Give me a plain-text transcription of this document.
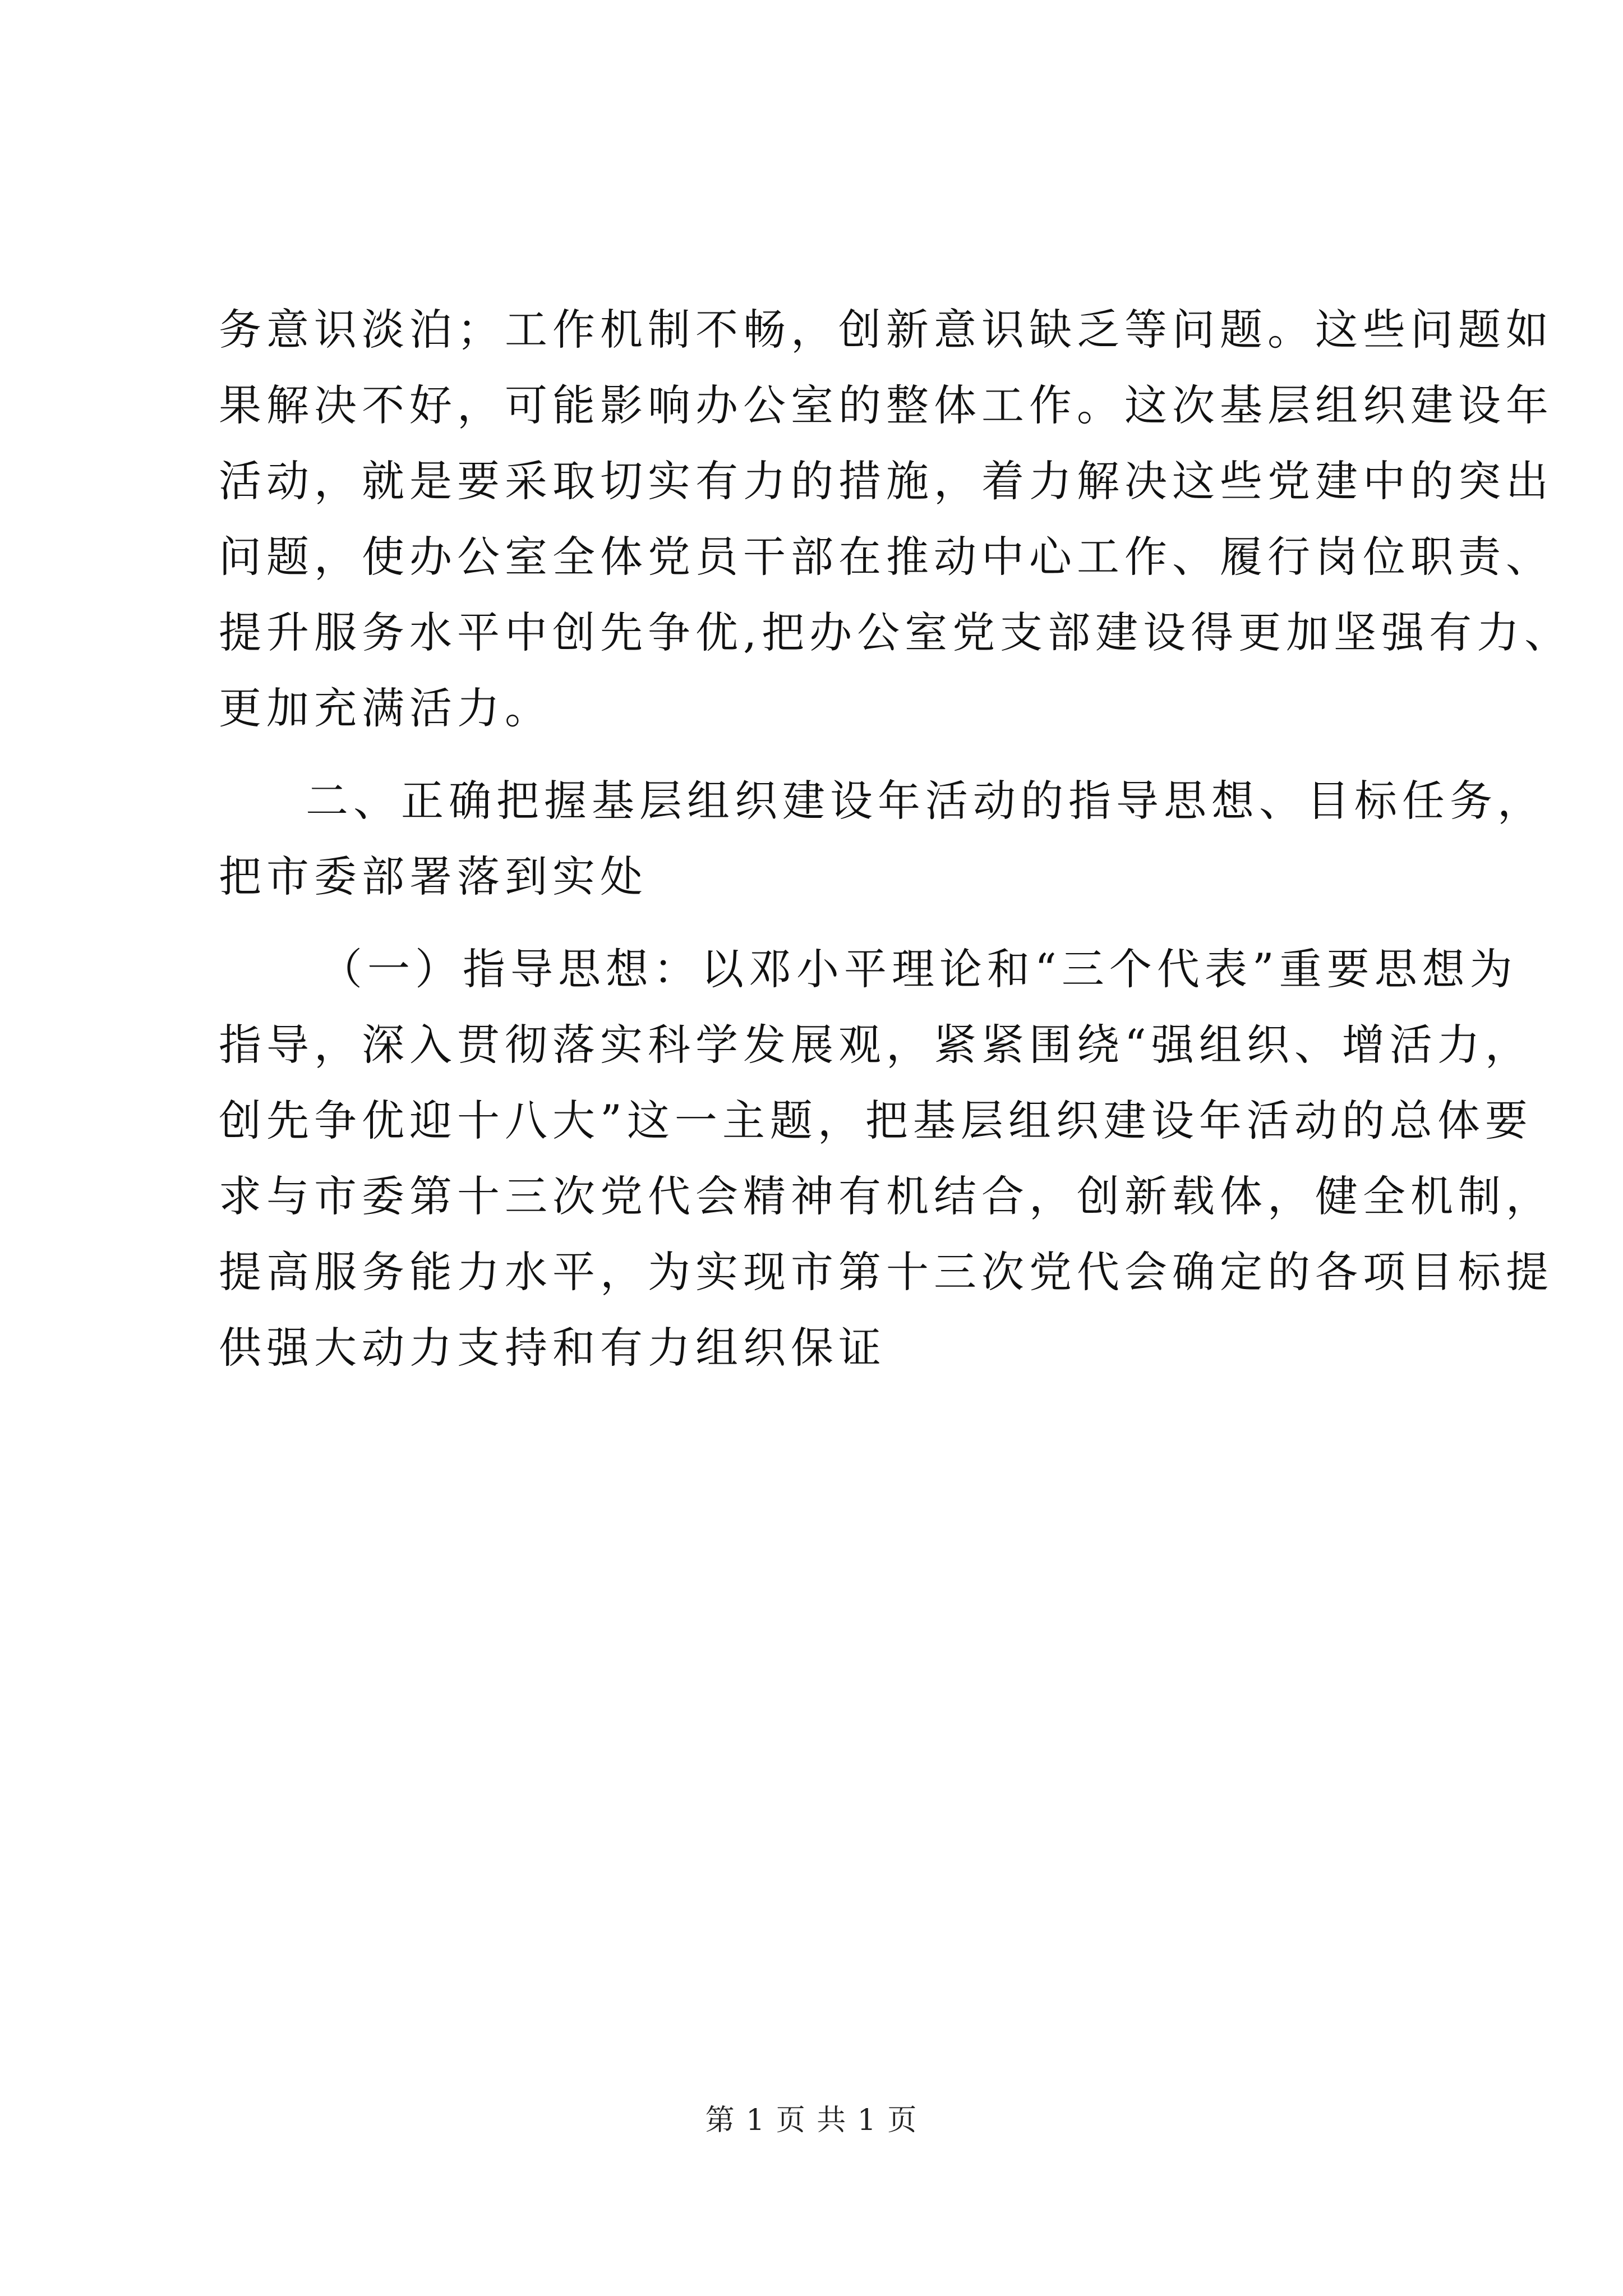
务意识淡泊；工作机制不畅，创新意识缺乏等问题。这些问题如
果解决不好，可能影响办公室的整体工作。这次基层组织建设年
活动，就是要采取切实有力的措施，着力解决这些党建中的突出
问题，使办公室全体党员干部在推动中心工作、履行岗位职责、
提升服务水平中创先争优,把办公室党支部建设得更加坚强有力、
更加充满活力。
二、正确把握基层组织建设年活动的指导思想、目标任务，
把市委部署落到实处
（一）指导思想：以邓小平理论和“三个代表”重要思想为
指导，深入贯彻落实科学发展观，紧紧围绕“强组织、增活力，
创先争优迎十八大”这一主题，把基层组织建设年活动的总体要
求与市委第十三次党代会精神有机结合，创新载体，健全机制，
提高服务能力水平，为实现市第十三次党代会确定的各项目标提
供强大动力支持和有力组织保证
第 1 页 共 1 页
